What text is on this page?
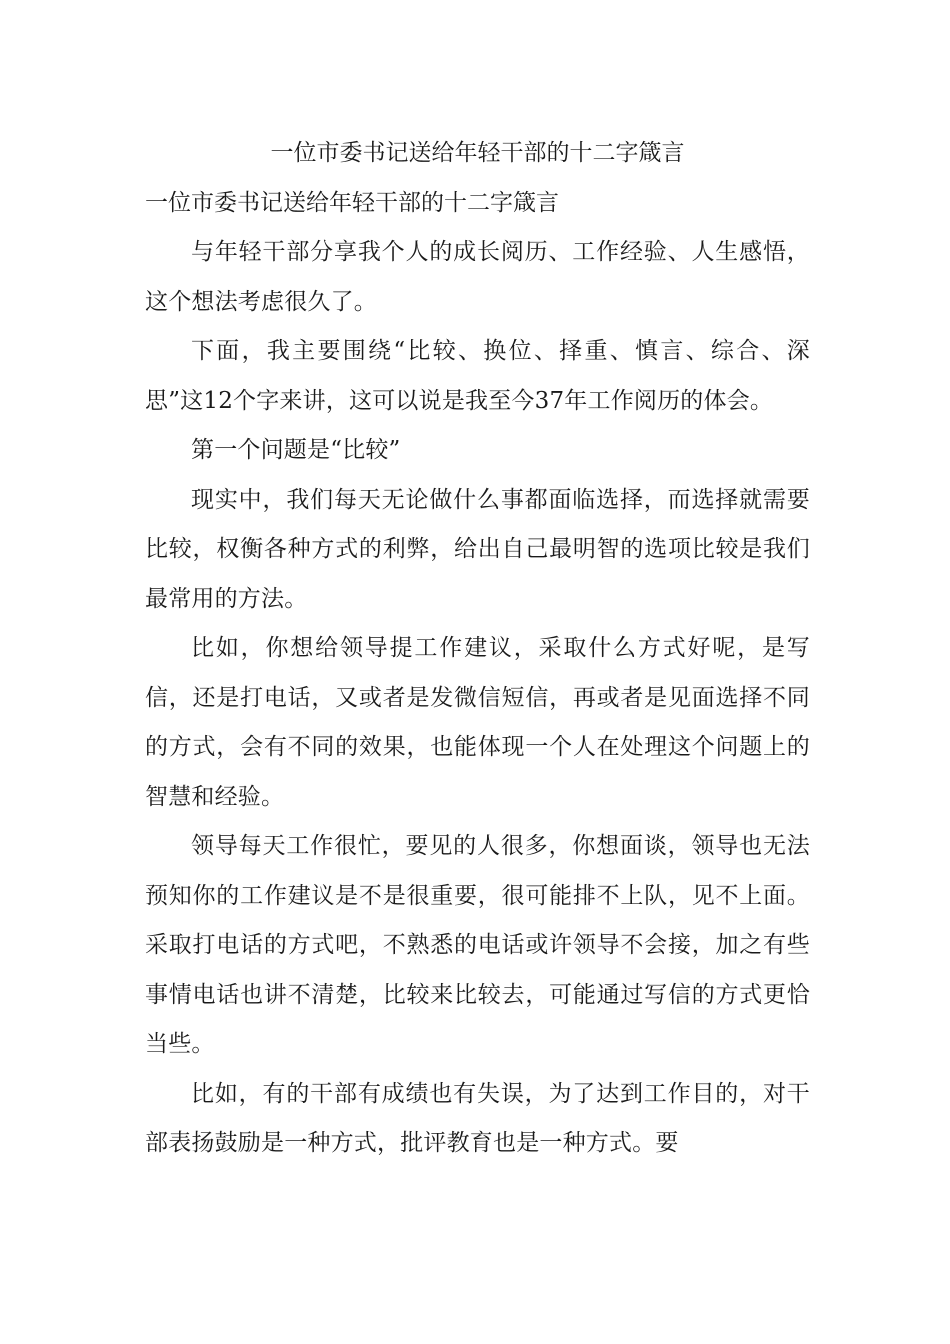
一位市委书记送给年轻干部的十二字箴言
一位市委书记送给年轻干部的十二字箴言

与年轻干部分享我个人的成长阅历、工作经验、人生感悟，这个想法考虑很久了。

下面，我主要围绕“比较、换位、择重、慎言、综合、深思”这12个字来讲，这可以说是我至今37年工作阅历的体会。

第一个问题是“比较”

现实中，我们每天无论做什么事都面临选择，而选择就需要比较，权衡各种方式的利弊，给出自己最明智的选项比较是我们最常用的方法。

比如，你想给领导提工作建议，采取什么方式好呢，是写信，还是打电话，又或者是发微信短信，再或者是见面选择不同的方式，会有不同的效果，也能体现一个人在处理这个问题上的智慧和经验。

领导每天工作很忙，要见的人很多，你想面谈，领导也无法预知你的工作建议是不是很重要，很可能排不上队，见不上面。采取打电话的方式吧，不熟悉的电话或许领导不会接，加之有些事情电话也讲不清楚，比较来比较去，可能通过写信的方式更恰当些。

比如，有的干部有成绩也有失误，为了达到工作目的，对干部表扬鼓励是一种方式，批评教育也是一种方式。要
